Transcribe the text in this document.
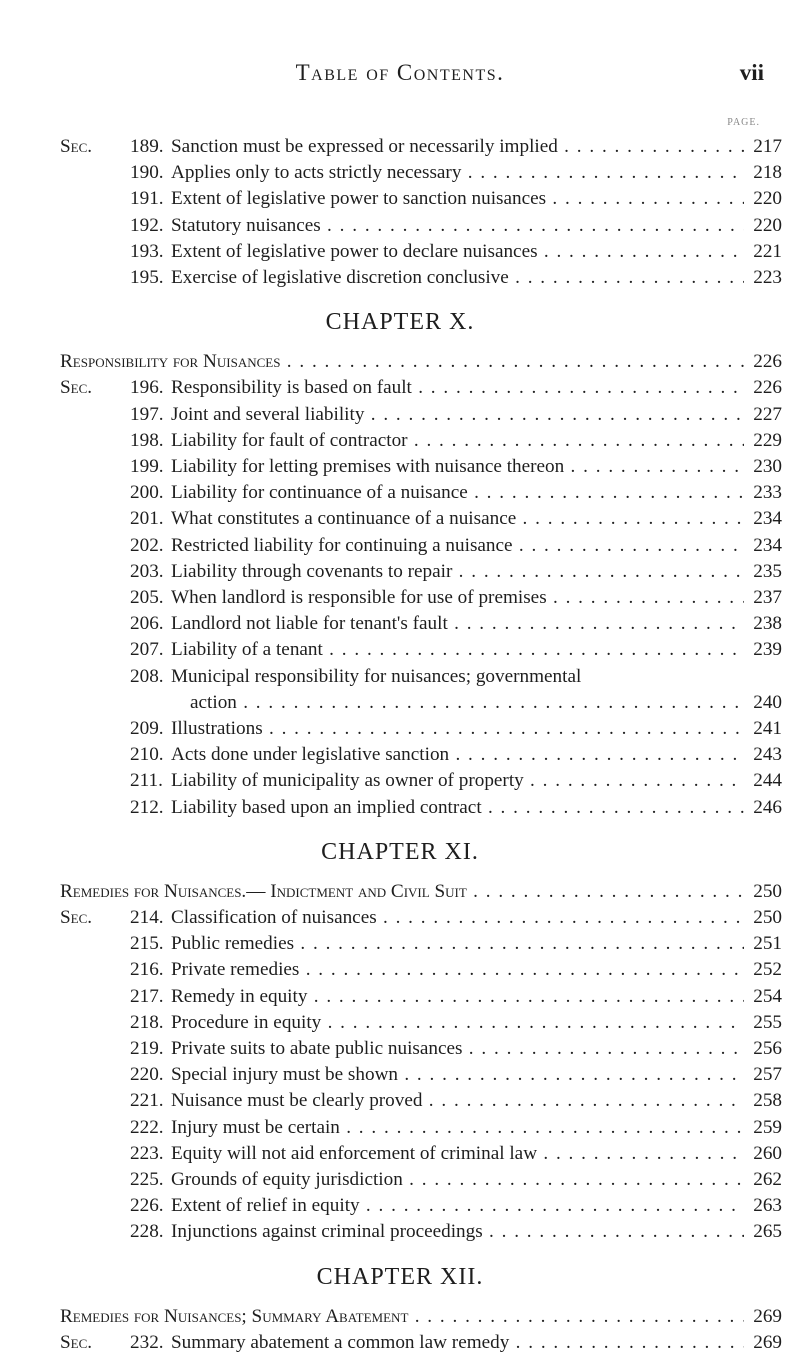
Table of Contents.	vii
PAGE.
Sec. 189. Sanction must be expressed or necessarily implied . . .	217
190. Applies only to acts strictly necessary . . .	218
191. Extent of legislative power to sanction nuisances . . .	220
192. Statutory nuisances . . .	220
193. Extent of legislative power to declare nuisances . . .	221
195. Exercise of legislative discretion conclusive . . .	223
CHAPTER X.
Responsibility for Nuisances . . .	226
Sec. 196. Responsibility is based on fault . . .	226
197. Joint and several liability . . .	227
198. Liability for fault of contractor . . .	229
199. Liability for letting premises with nuisance thereon . . .	230
200. Liability for continuance of a nuisance . . .	233
201. What constitutes a continuance of a nuisance . . .	234
202. Restricted liability for continuing a nuisance . . .	234
203. Liability through covenants to repair . . .	235
205. When landlord is responsible for use of premises . . .	237
206. Landlord not liable for tenant's fault . . .	238
207. Liability of a tenant . . .	239
208. Municipal responsibility for nuisances; governmental
action . . .	240
209. Illustrations . . .	241
210. Acts done under legislative sanction . . .	243
211. Liability of municipality as owner of property . . .	244
212. Liability based upon an implied contract . . .	246
CHAPTER XI.
Remedies for Nuisances.— Indictment and Civil Suit . . .	250
Sec. 214. Classification of nuisances . . .	250
215. Public remedies . . .	251
216. Private remedies . . .	252
217. Remedy in equity . . .	254
218. Procedure in equity . . .	255
219. Private suits to abate public nuisances . . .	256
220. Special injury must be shown . . .	257
221. Nuisance must be clearly proved . . .	258
222. Injury must be certain . . .	259
223. Equity will not aid enforcement of criminal law . . .	260
225. Grounds of equity jurisdiction . . .	262
226. Extent of relief in equity . . .	263
228. Injunctions against criminal proceedings . . .	265
CHAPTER XII.
Remedies for Nuisances; Summary Abatement . . .	269
Sec. 232. Summary abatement a common law remedy . . .	269
